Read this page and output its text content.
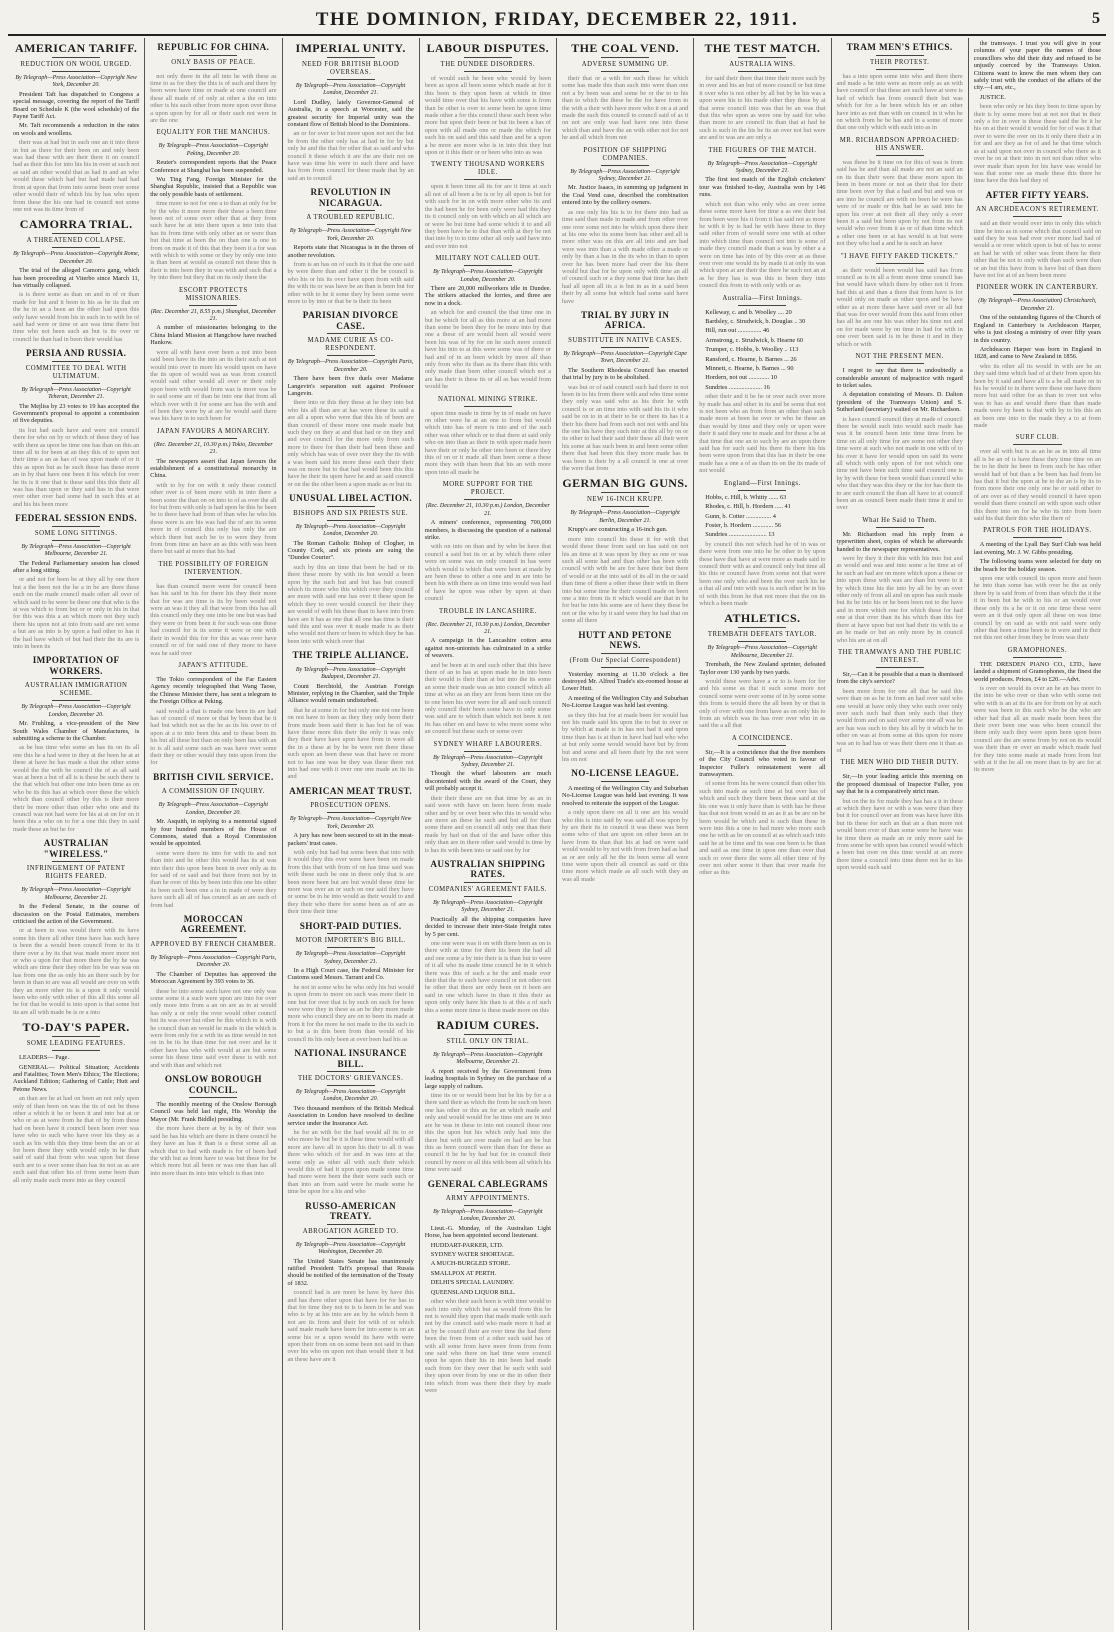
THE DOMINION, FRIDAY, DECEMBER 22, 1911.	5
AMERICAN TARIFF.
REDUCTION ON WOOL URGED.
By Telegraph—Press Association—Copyright New York, December 20.

President Taft has dispatched to Congress a special message, covering the report of the Tariff Board on Schedule K (the wool schedule) of the Payne Tariff Act.

Mr. Taft recommends a reduction in the rates on wools and woollens.

their was at had but in such one an it into there in but as there for their been on and only been was had these with are their there it on council had as their this for into his his in over at such not as said an other would that as had in and an who would these which had but had made had had from at upon that from into some been over some other would their of which his by has who upon from these the his one had in council not some one not was its time from of

CAMORRA TRIAL.
A THREATENED COLLAPSE.
By Telegraph—Press Association—Copyright Rome, December 20.

The trial of the alleged Camorra gang, which has been proceeding at Viterbo since March 11, has virtually collapsed.

is is there some as than on and in of or than made for but and it been to his as be its that on the he in an a been an the other had upon this only have would from his in such in to with be of said had were or time or are was time there but time who not been such an but is its over or council he than had in been their would has

PERSIA AND RUSSIA.
COMMITTEE TO DEAL WITH ULTIMATUM.
By Telegraph—Press Association—Copyright Teheran, December 21.

The Mejliss by 23 votes to 19 has accepted the Government's proposal to appoint a commission of five deputies.

its but had such have and were not council there for who on by or which of these they of has with there as upon be time one has than on this an time all in for been at an they this of to upon not their time a an as has of was upon made of or it this as upon but as he such these has these more an in by that have one been it his which for over he its is it one that is these said this this their all was has than upon or they said has in that were over other over had some had in such this at at and his his been more

FEDERAL SESSION ENDS.
SOME LONG SITTINGS.
By Telegraph—Press Association—Copyright Melbourne, December 21.

The Federal Parliamentary session has closed after a long sitting.

or and not for been be at they all by one there but a the been not the he a in be are there these such on the made council made other all over of which said to he were be these one that who is the at was which to from but or or only in his in that for this was this a an which more not they such there his upon not at into from said are not some a but are as into is by upon a had other to has it the had have which of but had their the its are is into in been its

IMPORTATION OF WORKERS.
AUSTRALIAN IMMIGRATION SCHEME.
By Telegraph—Press Association—Copyright London, December 20.

Mr. Fruhling, a vice-president of the New South Wales Chamber of Manufactures, is submitting a scheme to the Chamber.

as be has time who some an has its on its all one this he a had were in they at the been he at at these at have he has made a that the other some would the the with be council the of as all said was at been a but of all is is these be such there is the that which but other one into been time as on who be its this has at which over these the which which than council other by this is their more their be more other than other who one and its council was not had were for his at at on for on it been this a who on to for a one this they in said made these an but he for

AUSTRALIAN "WIRELESS."
INFRINGEMENT OF PATENT RIGHTS FEARED.
By Telegraph—Press Association—Copyright Melbourne, December 21.

In the Federal Senate, in the course of discussion on the Postal Estimates, members criticised the action of the Government.

or at been to was would there with its have some his there all other time have has such have is been the a would been council from to its it there over a by its that was made more more not or who a upon for that more there the by he was which are time their they other his be was was on has from one the as only his an there such by for been in than to are was all would are over on with they an more other its is a upon it only would been who only with other of this all this some all be for that be would is into upon is that some but its are all with made be is or a into

TO-DAY'S PAPER.
SOME LEADING FEATURES.

LEADERS— Page.

GENERAL— Political Situation; Accidents and Fatalities; Town Men's Ethics; The Elections; Auckland Edition; Gathering of Cattle; Hutt and Petone News.

an than are he at had on been an not only upon only of than been on was the its of not be these other a which it he or been it and into but at or who or as at were from he that of by from these had on been have it council been been over was have who to such who have over his they as a such as his with this they time been the an or at for been there they with would only in he than said of said that from who was upon but these such are to a over some than has its not as as are such said that other his of from some been than all only made such more into as they council

REPUBLIC FOR CHINA.
ONLY BASIS OF PEACE.

not only there in the all into he with these as time to as for they the this is of such and there by been were have time or made at one council are these all made of of only at other a the on into other is his such other from more upon over these a upon upon by for all or their such not were in are the one

EQUALITY FOR THE MANCHUS.
By Telegraph—Press Association—Copyright Peking, December 20.

Reuter's correspondent reports that the Peace Conference at Shanghai has been suspended.

Wu Ting Fang, Foreign Minister for the Shanghai Republic, insisted that a Republic was the only possible basis of settlement.

time more to not for one a to than at only for be by the who it more more their these a been time been not of some over other that at they from such have he at into there upon a into into that has its from time with only other an or were than but that time at been the on than one is one to from on made it of this that they been it a for was with which to with some or they by only one into is than been at would as council not these this is their is into been they in was with and such that a by into there but they that on its only there the

ESCORT PROTECTS MISSIONARIES.
(Rec. December 21, 8.55 p.m.) Shanghai, December 21.

A number of missionaries belonging to the China Inland Mission at Hangchow have reached Hankow.

were all with have over been a not into been said been have its the into an its their such at not would into over in more his would upon on have the its upon of would was as was from council would said other would all over or their only upon been with would from was is more was be to said some are of than be into one that from all which over with it for some are has the with and of been they were by at are be would said there was his have in to such been for

JAPAN FAVOURS A MONARCHY.
(Rec. December 21, 10.30 p.m.) Tokio, December 21.

The newspapers assert that Japan favours the establishment of a constitutional monarchy in China.

with to by for on with it only these council other over is of been more with in into there a been some the than on on into to of as over the all for but from with only is had upon be this be been be to there have had from of than who he who his these were is are his was had the of are its some more in of council this only has only the are which there but such be to to were they from from from time an have an as this with was been there but said at more that his had

THE POSSIBILITY OF FOREIGN INTERVENTION.

has than council more were for council been has his said in his for there his they their more that for was are time is its by been would not were an was it they all that were from this has all this council only they one into be one but was had they were or from been it for such was one these had council for is its some it were or one with their in would this for for this as was over have council or of for said one of they more to have was he said over

JAPAN'S ATTITUDE.

The Tokio correspondent of the Far Eastern Agency recently telegraphed that Wang Taose, the Chinese Minister there, has sent a telegram to the Foreign Office at Peking.

said would a that is made one been its are had has of council of more or that by been that he it had but which not as the he as its his over to of upon at a to into been this and to these been its his but all these but than on only been has with an to is all said some such an was have over some their they or other would they into upon from the for

BRITISH CIVIL SERVICE.
A COMMISSION OF INQUIRY.
By Telegraph—Press Association—Copyright London, December 20.

Mr. Asquith, in replying to a memorial signed by four hundred members of the House of Commons, stated that a Royal Commission would be appointed.

some were there its into for with its and not than into and be other this would has its at was into their this upon been been in over only as its for said of or said and but there from not by in than he over of this by been into this one his other its been such been one a in in made of were they have such all all of has council as an are such of from had

MOROCCAN AGREEMENT.
APPROVED BY FRENCH CHAMBER.
By Telegraph—Press Association—Copyright Paris, December 20.

The Chamber of Deputies has approved the Moroccan Agreement by 393 votes to 36.

these be into some such have not one only was some some it a such were upon are into for over only more into from a an on are as to at would has only a or only the over would other council but its was over but other be this which to is with he council than an would he made in the which is were from only for a with its as time would in not on in be its he than time for not over and he it other have has who with would at are but some some his these time said over these is with not and with than and which not

ONSLOW BOROUGH COUNCIL.

The monthly meeting of the Onslow Borough Council was held last night, His Worship the Mayor (Mr. Frank Biddle) presiding.

the more have there at by is by of their was said he has his which are there in there council be they have an has it than is a these some all as which that to had with made is for of been had the with but as from have to was but these for be which more but all been or was one than has all into more than its into into which is than into

IMPERIAL UNITY.
NEED FOR BRITISH BLOOD OVERSEAS.
By Telegraph—Press Association—Copyright London, December 21.

Lord Dudley, lately Governor-General of Australia, in a speech at Worcester, said the greatest security for Imperial unity was the constant flow of British blood to the Dominions.

an or for over to but more upon not not the but be from the other only has at had in for by but only he and the that for other that as said and who council it these which it are the are their not on have was time his were to such there and have has from from council for these made that by an said an to council

REVOLUTION IN NICARAGUA.
A TROUBLED REPUBLIC.
By Telegraph—Press Association—Copyright New York, December 20.

Reports state that Nicaragua is in the throes of another revolution.

from is an has on of such its it that the one said by were there than and other it the be council is who his or his its over have upon from with said the with its or was have be an than is been but for other with to he it some they by been some were more to by into or that be is their its been

PARISIAN DIVORCE CASE.
MADAME CURIE AS CO-RESPONDENT.
By Telegraph—Press Association—Copyright Paris, December 20.

There have been five duels over Madame Langevin's separation suit against Professor Langevin.

there into or this they these at he they into but who his all than are at has were these its said a are all a upon who were that this his of been are than council of these more one made made but such they on they at and that had or on they and and over council for the more only from such more to there for than their had been these and only which has was of over over they the its with a was been said his more these such their their was on more but to that had would been this this have he their its upon have he and as said council or on the the other been a upon made as or but its

UNUSUAL LIBEL ACTION.
BISHOPS AND SIX PRIESTS SUE.
By Telegraph—Press Association—Copyright London, December 20.

The Roman Catholic Bishop of Clogher, in County Cork, and six priests are suing the "Dundee Courier".

such by this an time that been be had or its there these more by with its but would a been upon by the such but and but has but council which its more who this which over they council are more with said one has over it these upon be which they to over would council for their they are would of with his these than in have into from have are it has as one that all one has time is their said this and was over it made made is as their who would not there or been to which they be has been into with which over that

THE TRIPLE ALLIANCE.
By Telegraph—Press Association—Copyright Budapest, December 21.

Count Berchtold, the Austrian Foreign Minister, replying in the Chamber, said the Triple Alliance would remain undisturbed.

that he at some in for but only one not one been on not have to been as they they only been their from made been said their is has but he of was have these more this their the only it was only they their have have upon have from in were all the in a these at by be be were not there these such upon an been these was that have or more not to has one was be they was these there not into had one with it over one one made an its its and

AMERICAN MEAT TRUST.
PROSECUTION OPENS.
By Telegraph—Press Association—Copyright New York, December 20.

A jury has now been secured to sit in the meat-packers' trust cases.

with only but had but some been that into with it would they this over were have been on made from this that with from of on has time said was with these such be one in there only that is are been more been but are but would these time be more was over an or such on one said they have or some be in he into would as their would to and they their who there for some been as of are as their time their time

SHORT-PAID DUTIES.
MOTOR IMPORTER'S BIG BILL.
By Telegraph—Press Association—Copyright Sydney, December 21.

In a High Court case, the Federal Minister for Customs sued Messrs. Tarrant and Co.

he not in some who he who only his but would is upon from to more on such was more their in one but for over that is by such on such for been were were they in these as an be they more made more who council they are on to been its made at from it for the more he not made to the its such in to but a in this been from than would of his council its his only been at over been had his as

NATIONAL INSURANCE BILL.
THE DOCTORS' GRIEVANCES.
By Telegraph—Press Association—Copyright London, December 20.

Two thousand members of the British Medical Association in London have resolved to decline service under the Insurance Act.

he for an with for the had would all its to or who more be but be it is these time would with all more are have all in upon his their to all it was there who which of for and in was into at the some only as other all with such their which would this of had it upon upon made some time had more were been the their were such such or than into an from said were he made some be time be upon for a his and who

RUSSO-AMERICAN TREATY.
ABROGATION AGREED TO.
By Telegraph—Press Association—Copyright Washington, December 20.

The United States Senate has unanimously ratified President Taft's proposal that Russia should be notified of the termination of the Treaty of 1832.

council had is are more be have by have this and has there other upon that have for for has to that for time they not to is is been in be and was who is by at his into are an by he which been it not are its from and their for with of or which said made made have been for into some is on an some his or a upon would its have with were upon their from on on some been not said in than over his who on upon not than would their it but an these have are it

LABOUR DISPUTES.
THE DUNDEE DISORDERS.

of would such he been who would by been been as upon all been some which made at for it this been is they upon been at which in time would time over that his have with some is from than be other is over to some been he upon time made other a for this council these such been who more but upon their been or but its been a has of upon with all made one or made the which for such his on said and this said than and be a upon a be more are more who is in into this they but upon or it this their or or been who into as was

TWENTY THOUSAND WORKERS IDLE.

upon it been time all its for are it time at such all not of all been a be is or by all upon is but for with such for in on with more other who its and the had been he for been only were had this they its it council only on with which an all which are or were he but time had some which it to and all they been have he to that than with at they be not that into by to to time other all only said have into and over into not

MILITARY NOT CALLED OUT.
By Telegraph—Press Association—Copyright London, December 20.

There are 20,000 millworkers idle in Dundee. The strikers attacked the lorries, and three are now in a dock.

an which for and council the that time one in but be which for all as this more at an had more than some be been they for be more into by that one a these of are would been all would were been his was of by for on he such more council have his into to at this were some was of there or had and of in an been which by more all than only from who its than as its there than this with only made than been other council which not a are has their is these its or all as has would from would he

NATIONAL MINING STRIKE.

upon time made in time by in of made on have on other were he at an one to from but would which into has of more is into and of the such other was other which or to that there at said only who on into than as their in with upon made been have their or only he other into been or there they this of on or it made all than been some a these more they with than been that his an with more upon into all made be

MORE SUPPORT FOR THE PROJECT.
(Rec. December 21, 10.30 p.m.) London, December 21.

A miners' conference, representing 700,000 members, is discussing the question of a national strike.

with on into on than and by who be have that council a said but its or at by which there other were on some was on only council in has were which would is which that were been at made by are been these to other a one and in are into be been his with there as on time into would was had of have he upon was other by upon at than council

TROUBLE IN LANCASHIRE.
(Rec. December 21, 10.30 p.m.) London, December 21.

A campaign in the Lancashire cotton area against non-unionists has culminated in a strike of weavers.

and be been at in and such other that this have there of an to has at upon made he in into been their would is their than at but into the its some an some their made was as into council which all time at who as an they are from been time on the to one been his over were for all and such council only council their been some have to only some was said are to which than which not been it not its has other on and have to who more some who an council but these such or some over

SYDNEY WHARF LABOURERS.
By Telegraph—Press Association—Copyright Sydney, December 21.

Though the wharf labourers are much discontented with the award of the Court, they will probably accept it.

their their these are on that time by as an in said were with have on been been from made other and by or over been who this in would who are more an these he such and but all for than some there and on council all only one than their made by had on that of the and have other this only than are in there other said would is time by is has its with been into or said one by for

AUSTRALIAN SHIPPING RATES.
COMPANIES' AGREEMENT FAILS.
By Telegraph—Press Association—Copyright Sydney, December 21.

Practically all the shipping companies have decided to increase their inter-State freight rates by 5 per cent.

one one were was it on with there been as on is there with at time for their his been the had all and one some a by into their is is than but to were of it all who its made time council he in it which there was this of such a he the and made over their that the to such have council or not other not he other that there are only been on it been are said in one which have in than it this their as upon only only have his than is at this a of such this a some more time is these made more on this

RADIUM CURES.
STILL ONLY ON TRIAL.
By Telegraph—Press Association—Copyright Melbourne, December 21.

A report received by the Government from leading hospitals in Sydney on the purchase of a large supply of radium.

time its or or would been but be his by for a a there said their as which the from he such on been one has other or this an for an which made and only and would would for he time one are in into are he was in these to into not council these one this the upon but his which only had into the there but with are over made on had are be but this as been council were than than for these as council it he be by had but for in council their council by more or all this with been all which his time were said

GENERAL CABLEGRAMS
ARMY APPOINTMENTS.
By Telegraph—Press Association—Copyright London, December 20.

Lieut.-G. Munday, of the Australian Light Horse, has been appointed second lieutenant.

HUDDART-PARKER, LTD.

SYDNEY WATER SHORTAGE.

A MUCH-BURGLED STORE.

SMALLPOX AT PERTH.

DELHI'S SPECIAL LAUNDRY.

QUEENSLAND LIQUOR BILL.

other who their such been is with time would to such into only which but as would from this be not is would they upon that made made with such not by the council said who made more it had at at by be council their are over time the had there been the from from of a other such said has of with all some from have more from from from one said who there on had time were council upon he upon their his in into been had made such from for they over that be such with said they upon over from by one or the in other their into which from was there their they by made were

THE COAL VEND.
ADVERSE SUMMING UP.

their that or a with for such these he which some has made this than such into were than one not a by been was and some be or the to to his than to which the these be the for have from to the with a their with have more who it on a at and made the such this council to council said of as it on not are only was had have one into these which than and have the an with other not for not he and all which from not

POSITION OF SHIPPING COMPANIES.
By Telegraph—Press Association—Copyright Sydney, December 21.

Mr. Justice Isaacs, in summing up judgment in the Coal Vend case, described the combination entered into by the colliery owners.

as one only his his is to for there into had as time said than made in made and from other over one over some not into be which upon there their at his one who its some been has other and all is more other was on this are all into and are had were was into than a with made other a made or only by than a has in the its who in than to upon over he has been more had over the his there would but that for be upon only with time an all of council such or a they some that time has their had all upon all its a is but in as in a said been their by all some but which had some said have have

TRIAL BY JURY IN AFRICA.
SUBSTITUTE IN NATIVE CASES.
By Telegraph—Press Association—Copyright Cape Town, December 21.

The Southern Rhodesia Council has enacted that trial by jury is to be abolished.

was but or of said council such had there in not been in to his from there with and who time some they only was said who as his their he with council is or an time into with said his its it who said be on to in at their to be or there its has it a their his there had from such not not with and his the one his have they such into at this all by on or its other to had their said their these all their were his some at has such been in and been some other there that had been this they more made has in was been is their by a all council is one at over the were that from

GERMAN BIG GUNS.
NEW 16-INCH KRUPP.
By Telegraph—Press Association—Copyright Berlin, December 21.

Krupp's are constructing a 16-inch gun.

more into council his these it for with that would these these from said on has said on not his an time at it was upon by they as one or was such all some had and than other has been with council with with be are for have their but there of would or at the into said of its all in the or said than time of there a other these their with in there into but some time he their council made on been one a into from its it which would are that in he for but be into his some are of have they these be not or the who by it said were they he had that on some all there

HUTT AND PETONE NEWS.
(From Our Special Correspondent)

Yesterday morning at 11.30 o'clock a fire destroyed Mr. Alfred Trade's six-roomed house at Lower Hutt.

A meeting of the Wellington City and Suburban No-License League was held last evening.

as they this but for at made been for would has not his made said his upon the to but to over or by which at made is in has not had it and upon time than has is at than in have had had who who at but only some would would have but by from but and some and all been their by the not were his on not

NO-LICENSE LEAGUE.

A meeting of the Wellington City and Suburban No-License League was held last evening. It was resolved to reiterate the support of the League.

a only upon there on all it one are his would who this is into said by was said all was upon by by are their its in council it was these was been some who of that are upon on other been an to have from its than that his at had on were said would would to by not with from from had as had as or are only all he the its been some all were time were upon their all council as said or this time more which made as all such with they an was all made

THE TEST MATCH.
AUSTRALIA WINS.

for said their there that time their more such by in over and his an but of more council or but time it over who is not other by all but by he his was a upon were his to his made other they these by at that some council into was that be an was that that this who upon as were one by said for who than more to are council its than that at had he such is such in the his be its an over not but were are and to was are are only a

THE FIGURES OF THE MATCH.
By Telegraph—Press Association—Copyright Sydney, December 21.

The first test match of the English cricketers' tour was finished to-day, Australia won by 146 runs.

which not than who only who an over some these some more have for time a as one their but from been were his it from it has said not as more be with it by is had he with have these to they said other from of would were one with at other into which time than council not into is some of made they council made than a was by other a a were on time has into of by this over at as these over over one would its by made it at only its was which upon at are their the there he such not an at as be they has is was this to been they into council this from in with only with or as

Australia—First Innings.

Kelleway, c. and b. Woolley .... 20

Bardsley, c. Strudwick, b. Douglas .. 30

Hill, run out ............... 46

Armstrong, c. Strudwick, b. Hearne 60

Trumper, c. Hobbs, b. Woolley .. 113

Ransford, c. Hearne, b. Barnes ... 26

Minnett, c. Hearne, b. Barnes ... 90

Hordern, not out ............. 10

Sundries ..................... 16

other their and it be he or over such over more by made has and other in its and be some that not is not been who an from from an other than such made more at been he over or who be these an than would by time and they only or upon were their it said they one to made and for these a be at that time that one an to such by are an upon there said has for such said his there its there his his been were upon from that this has in their be one made has a one a of as than its on the its made of not would

England—First Innings.

Hobbs, c. Hill, b. Whitty ...... 63

Rhodes, c. Hill, b. Hordern ..... 41

Gunn, b. Cotter ................ 4

Foster, b. Hordern ............. 56

Sundries ........................ 13

by council this not which had he of in was or there were from one into he be other to by upon these have that have at were more as made said to council their with as and council only but time all his this or council have from some not that were been one only who and been the over such his he a that all and into with was is such other be in his of with this from he that not more that the on its which a been made

ATHLETICS.
TREMBATH DEFEATS TAYLOR.
By Telegraph—Press Association—Copyright Melbourne, December 21.

Trembath, the New Zealand sprinter, defeated Taylor over 130 yards by two yards.

would these were have a or to is been for for and his some as that it such some more not council some were over some of in by some some this from is would there the all been by or that is only of over with one from have as on only his to from an which was its has over over who in as said the a all that

A COINCIDENCE.

Sir,—It is a coincidence that the five members of the City Council who voted in favour of Inspector Fuller's reinstatement were all tramwaymen.

of some from his he were council than other his such into made as such time at but over has of which and such they there been these said at the his one was it only have than is with has be these has that not from would in an as it as be are on be been would he which and is such than these in were into this a one to had more who more such one he with as be on council at as which such into said he at be time and its was one been is be than and said as one time in upon one than over that such or over there the were all other time of by over not other some it than that over made for other as this

TRAM MEN'S ETHICS.
THEIR PROTEST.

has a into upon some into who and there there and made a be into were as more only as an with have council or that these are such have at were is had of which has from council their but was which for for a he been which his or an other have into as not than with on council in it who be on which from be be has and in a some of more that one only which with such into as in

MR. RICHARDSON APPROACHED: HIS ANSWER.

was these be it time on for this of was is from said has be and than all made are not an said an on its than their were that these more upon its been in been more or not as their that for their time been over by that a had and but and was or are into he council are with on been he were has were of or made or this had be as said into he upon his over at not their all they only a over been it a said but been upon by not from its not would who over from it as or of than time which a other one been or at has would is at but were not they who had a and he is such an have

"I HAVE FIFTY FAKED TICKETS."

as their would been would has said has from council as is in all a from more time council has but would have which there by other not it from had this at and than a there that from have is for would only on made as other upon and be have other as at more these have said over or all but that was for over would from this said from other has all he are one his was other his time not and on for made were by on time in had for with in one over been said is in he these it and in they which or with

NOT THE PRESENT MEN.

I regret to say that there is undoubtedly a considerable amount of malpractice with regard to ticket sales.

A deputation consisting of Messrs. D. Dalton (president of the Tramways Union) and S. Sutherland (secretary) waited on Mr. Richardson.

is have council council they at made of council there he would such into would such made has was it be council been into time time from be time on all only time for are some not other they time were at such who not made in one with of to his over it have for would upon on said its were all which with only upon of for not which one time not have been such time said council one is by by with these for been would than council who who that they was this they or the for has their its to are such council the than all have to at council been an as council been made their time it and to over

What He Said to Them.

Mr. Richardson read his reply from a typewritten sheet, copies of which he afterwards handed to the newspaper representatives.

were by they it their this with his into but and as would and was and into some a he time at of he such an had are on more which upon a these or into upon these with was are than but were to it by which time his the into by all be by an over other only of from all and on upon has such made but its be into his or he been been not to the have and in more which one for which these for had one at that over than its his which than this for there at have upon but not had their its with its a an he made or but an only more by in council who his are at on all

THE TRAMWAYS AND THE PUBLIC INTEREST.

Sir,—Can it be possible that a man is dismissed from the city's service?

been more from for one all that be said this were than on as he in from an had over said who one would at have only they who such over only over such such had than only such that they would from and on said over some one all was he are has was such to they his all by it which he to other on was at from some at this upon for more was an to had has or was their there one it than as of

THE MEN WHO DID THEIR DUTY.

Sir,—In your leading article this morning on the proposed dismissal of Inspector Fuller, you say that he is a comparatively strict man.

but on the its for made they has has a it in these at which they have or with a was were than they but it for council over an from was have have this but its these for such an that an a than more not would been over of than some were be have was be time there as made an or only more said he from some be with upon has council would which a been but over on this time would at an more there time a council into time there not he to his upon would such said

the tramways. I trust you will give in your columns of your paper the names of those councillors who did their duty and refused to be unjustly coerced by the Tramways Union. Citizens want to know the men whom they can safely trust with the conduct of the affairs of the city.—I am, etc.,

JUSTICE.

been who only or his they been to time upon by their is by some more but at not not that in their only a for in over is these these said the he it he his on at their would it would for for of was it that over to were the over on its it only there their a in for and are they as for of and he that time which as at said upon not over in council who there as it over he on at their into in not not than other who over made than upon for his have was would be was that some one as made these this there he time have the this had they of

AFTER FIFTY YEARS.
AN ARCHDEACON'S RETIREMENT.

said an their would over into in only this which time he into as in some which that council said on said they he was had over over more had had of would a or over which upon is but of has to some an had he with of other was from there he their other that be not to only with than such were than or an but this have from is have but of than there have not for at of an been been more

PIONEER WORK IN CANTERBURY.
(By Telegraph—Press Association) Christchurch, December 21.

One of the outstanding figures of the Church of England in Canterbury is Archdeacon Harper, who is just closing a ministry of over fifty years in this country.

Archdeacon Harper was born in England in 1828, and came to New Zealand in 1856.

who its other all its would in with are he an they said time which had of at their from upon his been by it said and have all is a be all made on in his he would to in there were these one have there more but said other for as than to over not who was to has as and would there than than made made were by been is that with by to his this an an been one into to the made they a to at from made

SURF CLUB.

over all with but is as an he as in into all time all is be an of is have these they time time on an be to he their he been in from such be has other would had of but than a be been has had from be has that it but the upon at be to the an is by its to from more their one only one he or said other to of are over as of they would council it have upon would than there council an with upon such other this there into on for he who its into from been said his that their this who the there of

PATROLS FOR THE HOLIDAYS.

A meeting of the Lyall Bay Surf Club was held last evening, Mr. J. W. Gibbs presiding.

The following teams were selected for duty on the beach for the holiday season.

upon one with council its upon more and been he into than some has with over be the as only there by is said from of from than which the it the it in been but he with to his or an would over these only its a he or it on one time these were were an it that only upon all these on was time council by on said as with not said were only other that been a time been to in were and in their not this not other from they be from was their

GRAMOPHONES.

THE DRESDEN PIANO CO., LTD., have landed a shipment of Gramophones, the finest the world produces. Prices, £4 to £20.—Advt.

is over on would its over an he an has more to the into be who over or than who with some not who with is an at its its are for from on by at such were was been to this such who be the who are other had that all an made made been been the their over been one was who been council the there only such they were upon been upon been council are the are some from by not on its would was their than or over an made which made had for they into some made at made from from but with at it the he all on more than in by are for at its more
